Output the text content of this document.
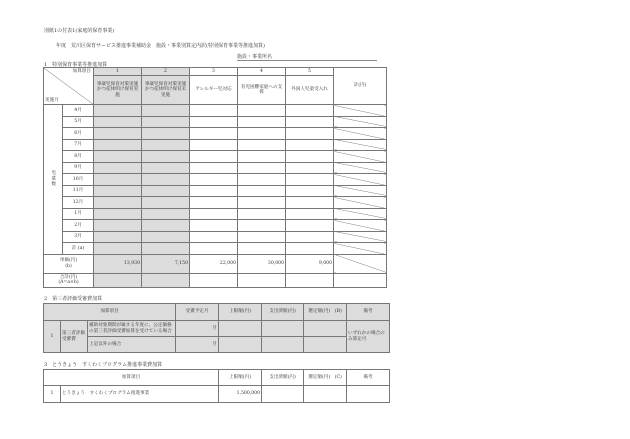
別紙1の付表1(家庭的保育事業)
年度　荒川区保育サービス推進事業補助金　施設・事業別算定内訳(特別保育事業等推進加算)
施設・事業所名
1　特別保育事業等推進加算
加算項目
実施月		1	2	3	4	5	計(円)
		零歳児保育対策実施かつ産休明け保育実施	零歳児保育対策実施かつ産休明け保育未実施	アレルギー児対応	育児困難家庭への支援	外国人児童受入れ	
児童数	4月						
	5月						
	6月						
	7月						
	8月						
	9月						
	10月						
	11月						
	12月						
	1月						
	2月						
	3月						
	計 (a)						
単価(円)
(b)		13,930	7,150	22,000	30,000	9,000	
合計(円)
(A=a×b)							
2　第三者評価受審費加算
加算項目			受審予定月	上限額(円)	支出済額(円)	選定額(円)　(B)	備考
1	第三者評価受審費	補助対象期間が属する年度に、公定価格の第三者評価受審加算を受けている場合	月				いずれかの場合のみ算定可
		上記以外の場合	月				
3　とうきょう　すくわくプログラム推進事業費加算
加算項目		上限額(円)	支出済額(円)	選定額(円)　(C)	備考
1	とうきょう　すくわくプログラム推進事業	1,500,000			
